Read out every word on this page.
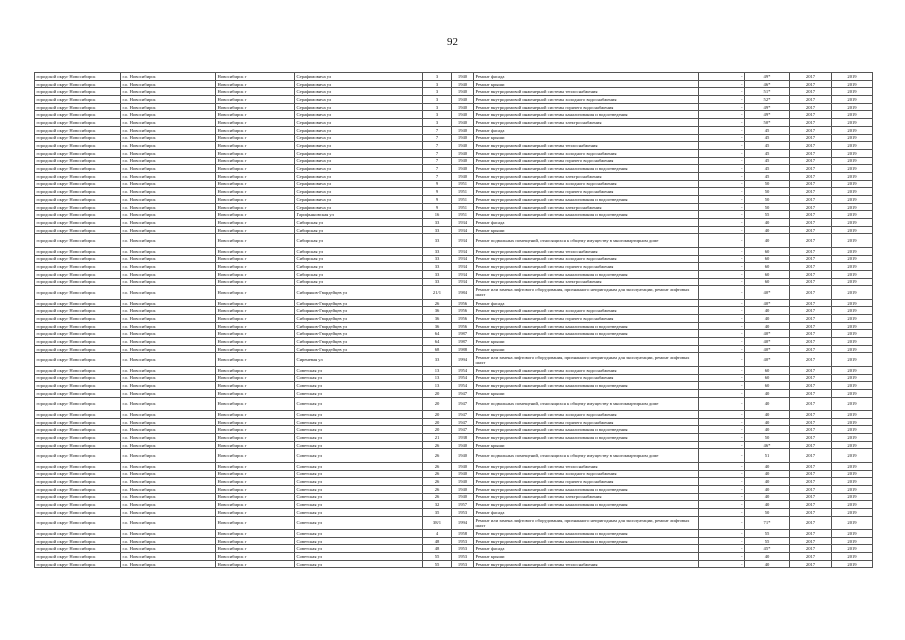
92
городской округ Новосибирск	г.о. Новосибирск	Новосибирск г	Серафимовича ул	3	1940	Ремонт фасада	-	49*	2017	2019
городской округ Новосибирск	г.о. Новосибирск	Новосибирск г	Серафимовича ул	3	1940	Ремонт крыши	-	46*	2017	2019
городской округ Новосибирск	г.о. Новосибирск	Новосибирск г	Серафимовича ул	3	1940	Ремонт внутридомовой инженерной системы теплоснабжения	-	51*	2017	2019
городской округ Новосибирск	г.о. Новосибирск	Новосибирск г	Серафимовича ул	3	1940	Ремонт внутридомовой инженерной системы холодного водоснабжения	-	52*	2017	2019
городской округ Новосибирск	г.о. Новосибирск	Новосибирск г	Серафимовича ул	3	1940	Ремонт внутридомовой инженерной системы горячего водоснабжения	-	49*	2017	2019
городской округ Новосибирск	г.о. Новосибирск	Новосибирск г	Серафимовича ул	3	1940	Ремонт внутридомовой инженерной системы канализования и водоотведения	-	49*	2017	2019
городской округ Новосибирск	г.о. Новосибирск	Новосибирск г	Серафимовича ул	3	1940	Ремонт внутридомовой инженерной системы электроснабжения	-	50*	2017	2019
городской округ Новосибирск	г.о. Новосибирск	Новосибирск г	Серафимовича ул	7	1940	Ремонт фасада	-	45	2017	2019
городской округ Новосибирск	г.о. Новосибирск	Новосибирск г	Серафимовича ул	7	1940	Ремонт крыши	-	45	2017	2019
городской округ Новосибирск	г.о. Новосибирск	Новосибирск г	Серафимовича ул	7	1940	Ремонт внутридомовой инженерной системы теплоснабжения	-	45	2017	2019
городской округ Новосибирск	г.о. Новосибирск	Новосибирск г	Серафимовича ул	7	1940	Ремонт внутридомовой инженерной системы холодного водоснабжения	-	45	2017	2019
городской округ Новосибирск	г.о. Новосибирск	Новосибирск г	Серафимовича ул	7	1940	Ремонт внутридомовой инженерной системы горячего водоснабжения	-	45	2017	2019
городской округ Новосибирск	г.о. Новосибирск	Новосибирск г	Серафимовича ул	7	1940	Ремонт внутридомовой инженерной системы канализования и водоотведения	-	45	2017	2019
городской округ Новосибирск	г.о. Новосибирск	Новосибирск г	Серафимовича ул	7	1940	Ремонт внутридомовой инженерной системы электроснабжения	-	45	2017	2019
городской округ Новосибирск	г.о. Новосибирск	Новосибирск г	Серафимовича ул	9	1951	Ремонт внутридомовой инженерной системы холодного водоснабжения	-	50	2017	2019
городской округ Новосибирск	г.о. Новосибирск	Новосибирск г	Серафимовича ул	9	1951	Ремонт внутридомовой инженерной системы горячего водоснабжения	-	50	2017	2019
городской округ Новосибирск	г.о. Новосибирск	Новосибирск г	Серафимовича ул	9	1951	Ремонт внутридомовой инженерной системы канализования и водоотведения	-	50	2017	2019
городской округ Новосибирск	г.о. Новосибирск	Новосибирск г	Серафимовича ул	9	1951	Ремонт внутридомовой инженерной системы электроснабжения	-	50	2017	2019
городской округ Новосибирск	г.о. Новосибирск	Новосибирск г	Гарифьяновская ул	16	1951	Ремонт внутридомовой инженерной системы канализования и водоотведения	-	55	2017	2019
городской округ Новосибирск	г.о. Новосибирск	Новосибирск г	Сибирская ул	33	1934	Ремонт фасада	-	40	2017	2019
городской округ Новосибирск	г.о. Новосибирск	Новосибирск г	Сибирская ул	33	1934	Ремонт крыши	-	40	2017	2019
городской округ Новосибирск	г.о. Новосибирск	Новосибирск г	Сибирская ул	33	1934	Ремонт подвальных помещений, относящихся к общему имуществу в многоквартирном доме	-	40	2017	2019
городской округ Новосибирск	г.о. Новосибирск	Новосибирск г	Сибирская ул	33	1934	Ремонт внутридомовой инженерной системы теплоснабжения	-	60	2017	2019
городской округ Новосибирск	г.о. Новосибирск	Новосибирск г	Сибирская ул	33	1934	Ремонт внутридомовой инженерной системы холодного водоснабжения	-	60	2017	2019
городской округ Новосибирск	г.о. Новосибирск	Новосибирск г	Сибирская ул	33	1934	Ремонт внутридомовой инженерной системы горячего водоснабжения	-	60	2017	2019
городской округ Новосибирск	г.о. Новосибирск	Новосибирск г	Сибирская ул	33	1934	Ремонт внутридомовой инженерной системы канализования и водоотведения	-	60	2017	2019
городской округ Новосибирск	г.о. Новосибирск	Новосибирск г	Сибирская ул	33	1934	Ремонт внутридомовой инженерной системы электроснабжения	-	60	2017	2019
городской округ Новосибирск	г.о. Новосибирск	Новосибирск г	Сибиряков-Гвардейцев ул	21/1	1984	Ремонт или замена лифтового оборудования, признанного непригодным для эксплуатации, ремонт лифтовых шахт	-	40*	2017	2019
городской округ Новосибирск	г.о. Новосибирск	Новосибирск г	Сибиряков-Гвардейцев ул	26	1956	Ремонт фасада	-	40*	2017	2019
городской округ Новосибирск	г.о. Новосибирск	Новосибирск г	Сибиряков-Гвардейцев ул	36	1956	Ремонт внутридомовой инженерной системы холодного водоснабжения	-	40	2017	2019
городской округ Новосибирск	г.о. Новосибирск	Новосибирск г	Сибиряков-Гвардейцев ул	36	1956	Ремонт внутридомовой инженерной системы горячего водоснабжения	-	40	2017	2019
городской округ Новосибирск	г.о. Новосибирск	Новосибирск г	Сибиряков-Гвардейцев ул	36	1956	Ремонт внутридомовой инженерной системы канализования и водоотведения	-	40	2017	2019
городской округ Новосибирск	г.о. Новосибирск	Новосибирск г	Сибиряков-Гвардейцев ул	64	1987	Ремонт внутридомовой инженерной системы канализования и водоотведения	-	40*	2017	2019
городской округ Новосибирск	г.о. Новосибирск	Новосибирск г	Сибиряков-Гвардейцев ул	64	1987	Ремонт крыши	-	40*	2017	2019
городской округ Новосибирск	г.о. Новосибирск	Новосибирск г	Сибиряков-Гвардейцев ул	68	1988	Ремонт крыши	-	40*	2017	2019
городской округ Новосибирск	г.о. Новосибирск	Новосибирск г	Сиреневая ул	33	1994	Ремонт или замена лифтового оборудования, признанного непригодным для эксплуатации, ремонт лифтовых шахт	-	40*	2017	2019
городской округ Новосибирск	г.о. Новосибирск	Новосибирск г	Советская ул	13	1954	Ремонт внутридомовой инженерной системы холодного водоснабжения	-	60	2017	2019
городской округ Новосибирск	г.о. Новосибирск	Новосибирск г	Советская ул	13	1954	Ремонт внутридомовой инженерной системы горячего водоснабжения	-	60	2017	2019
городской округ Новосибирск	г.о. Новосибирск	Новосибирск г	Советская ул	13	1954	Ремонт внутридомовой инженерной системы канализования и водоотведения	-	60	2017	2019
городской округ Новосибирск	г.о. Новосибирск	Новосибирск г	Советская ул	20	1947	Ремонт крыши	-	40	2017	2019
городской округ Новосибирск	г.о. Новосибирск	Новосибирск г	Советская ул	20	1947	Ремонт подвальных помещений, относящихся к общему имуществу в многоквартирном доме	-	40	2017	2019
городской округ Новосибирск	г.о. Новосибирск	Новосибирск г	Советская ул	20	1947	Ремонт внутридомовой инженерной системы холодного водоснабжения	-	40	2017	2019
городской округ Новосибирск	г.о. Новосибирск	Новосибирск г	Советская ул	20	1947	Ремонт внутридомовой инженерной системы горячего водоснабжения	-	40	2017	2019
городской округ Новосибирск	г.о. Новосибирск	Новосибирск г	Советская ул	20	1947	Ремонт внутридомовой инженерной системы канализования и водоотведения	-	40	2017	2019
городской округ Новосибирск	г.о. Новосибирск	Новосибирск г	Советская ул	21	1938	Ремонт внутридомовой инженерной системы канализования и водоотведения	-	50	2017	2019
городской округ Новосибирск	г.о. Новосибирск	Новосибирск г	Советская ул	26	1940	Ремонт крыши	-	46*	2017	2019
городской округ Новосибирск	г.о. Новосибирск	Новосибирск г	Советская ул	26	1940	Ремонт подвальных помещений, относящихся к общему имуществу в многоквартирном доме	-	51	2017	2019
городской округ Новосибирск	г.о. Новосибирск	Новосибирск г	Советская ул	26	1940	Ремонт внутридомовой инженерной системы теплоснабжения	-	40	2017	2019
городской округ Новосибирск	г.о. Новосибирск	Новосибирск г	Советская ул	26	1940	Ремонт внутридомовой инженерной системы холодного водоснабжения	-	40	2017	2019
городской округ Новосибирск	г.о. Новосибирск	Новосибирск г	Советская ул	26	1940	Ремонт внутридомовой инженерной системы горячего водоснабжения	-	40	2017	2019
городской округ Новосибирск	г.о. Новосибирск	Новосибирск г	Советская ул	26	1940	Ремонт внутридомовой инженерной системы канализования и водоотведения	-	40	2017	2019
городской округ Новосибирск	г.о. Новосибирск	Новосибирск г	Советская ул	26	1940	Ремонт внутридомовой инженерной системы электроснабжения	-	40	2017	2019
городской округ Новосибирск	г.о. Новосибирск	Новосибирск г	Советская ул	32	1957	Ремонт внутридомовой инженерной системы канализования и водоотведения	-	40	2017	2019
городской округ Новосибирск	г.о. Новосибирск	Новосибирск г	Советская ул	35	1953	Ремонт фасада	-	50	2017	2019
городской округ Новосибирск	г.о. Новосибирск	Новосибирск г	Советская ул	38/1	1994	Ремонт или замена лифтового оборудования, признанного непригодным для эксплуатации, ремонт лифтовых шахт	-	71*	2017	2019
городской округ Новосибирск	г.о. Новосибирск	Новосибирск г	Советская ул	4	1958	Ремонт внутридомовой инженерной системы канализования и водоотведения	-	55	2017	2019
городской округ Новосибирск	г.о. Новосибирск	Новосибирск г	Советская ул	48	1953	Ремонт внутридомовой инженерной системы канализования и водоотведения	-	55	2017	2019
городской округ Новосибирск	г.о. Новосибирск	Новосибирск г	Советская ул	48	1953	Ремонт фасада	-	45*	2017	2019
городской округ Новосибирск	г.о. Новосибирск	Новосибирск г	Советская ул	55	1953	Ремонт крыши	-	40	2017	2019
городской округ Новосибирск	г.о. Новосибирск	Новосибирск г	Советская ул	55	1953	Ремонт внутридомовой инженерной системы теплоснабжения	-	40	2017	2019
